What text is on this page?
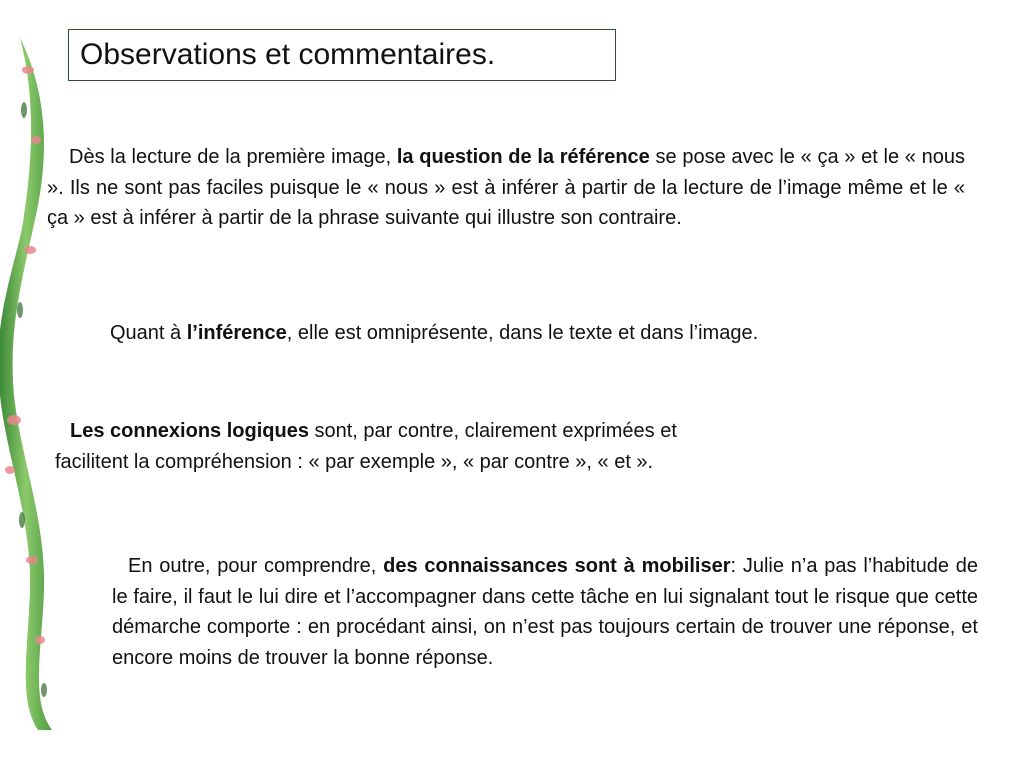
Observations et commentaires.
Dès la lecture de la première image, la question de la référence se pose avec le « ça » et le « nous ». Ils ne sont pas faciles puisque le « nous » est à inférer à partir de la lecture de l’image même et le « ça » est à inférer à partir de la phrase suivante qui illustre son contraire.
Quant à l’inférence, elle est omniprésente, dans le texte et dans l’image.
Les connexions logiques sont, par contre, clairement exprimées et
facilitent la compréhension : « par exemple », « par contre », « et ».
En outre, pour comprendre, des connaissances sont à mobiliser: Julie n’a pas l’habitude de le faire, il faut le lui dire et l’accompagner dans cette tâche en lui signalant tout le risque que cette démarche comporte : en procédant ainsi, on n’est pas toujours certain de trouver une réponse, et encore moins de trouver la bonne réponse.
